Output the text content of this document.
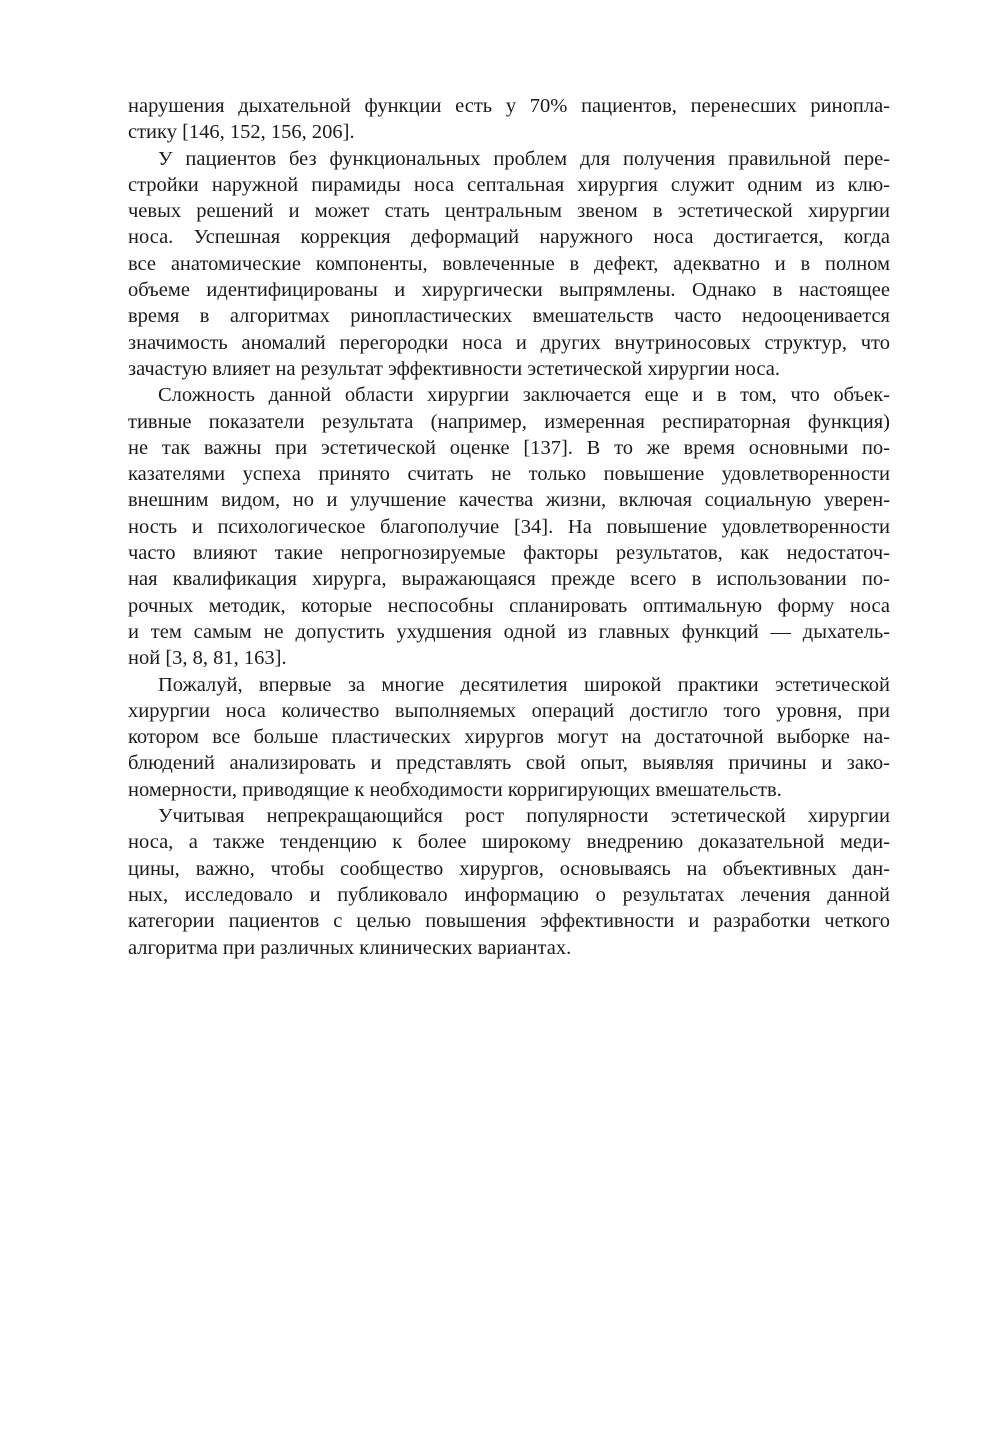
нарушения дыхательной функции есть у 70% пациентов, перенесших ринопла-
стику [146, 152, 156, 206].

У пациентов без функциональных проблем для получения правильной пере-
стройки наружной пирамиды носа септальная хирургия служит одним из клю-
чевых решений и может стать центральным звеном в эстетической хирургии
носа. Успешная коррекция деформаций наружного носа достигается, когда
все анатомические компоненты, вовлеченные в дефект, адекватно и в полном
объеме идентифицированы и хирургически выпрямлены. Однако в настоящее
время в алгоритмах ринопластических вмешательств часто недооценивается
значимость аномалий перегородки носа и других внутриносовых структур, что
зачастую влияет на результат эффективности эстетической хирургии носа.

Сложность данной области хирургии заключается еще и в том, что объек-
тивные показатели результата (например, измеренная респираторная функция)
не так важны при эстетической оценке [137]. В то же время основными по-
казателями успеха принято считать не только повышение удовлетворенности
внешним видом, но и улучшение качества жизни, включая социальную уверен-
ность и психологическое благополучие [34]. На повышение удовлетворенности
часто влияют такие непрогнозируемые факторы результатов, как недостаточ-
ная квалификация хирурга, выражающаяся прежде всего в использовании по-
рочных методик, которые неспособны спланировать оптимальную форму носа
и тем самым не допустить ухудшения одной из главных функций — дыхатель-
ной [3, 8, 81, 163].

Пожалуй, впервые за многие десятилетия широкой практики эстетической
хирургии носа количество выполняемых операций достигло того уровня, при
котором все больше пластических хирургов могут на достаточной выборке на-
блюдений анализировать и представлять свой опыт, выявляя причины и зако-
номерности, приводящие к необходимости корригирующих вмешательств.

Учитывая непрекращающийся рост популярности эстетической хирургии
носа, а также тенденцию к более широкому внедрению доказательной меди-
цины, важно, чтобы сообщество хирургов, основываясь на объективных дан-
ных, исследовало и публиковало информацию о результатах лечения данной
категории пациентов с целью повышения эффективности и разработки четкого
алгоритма при различных клинических вариантах.
